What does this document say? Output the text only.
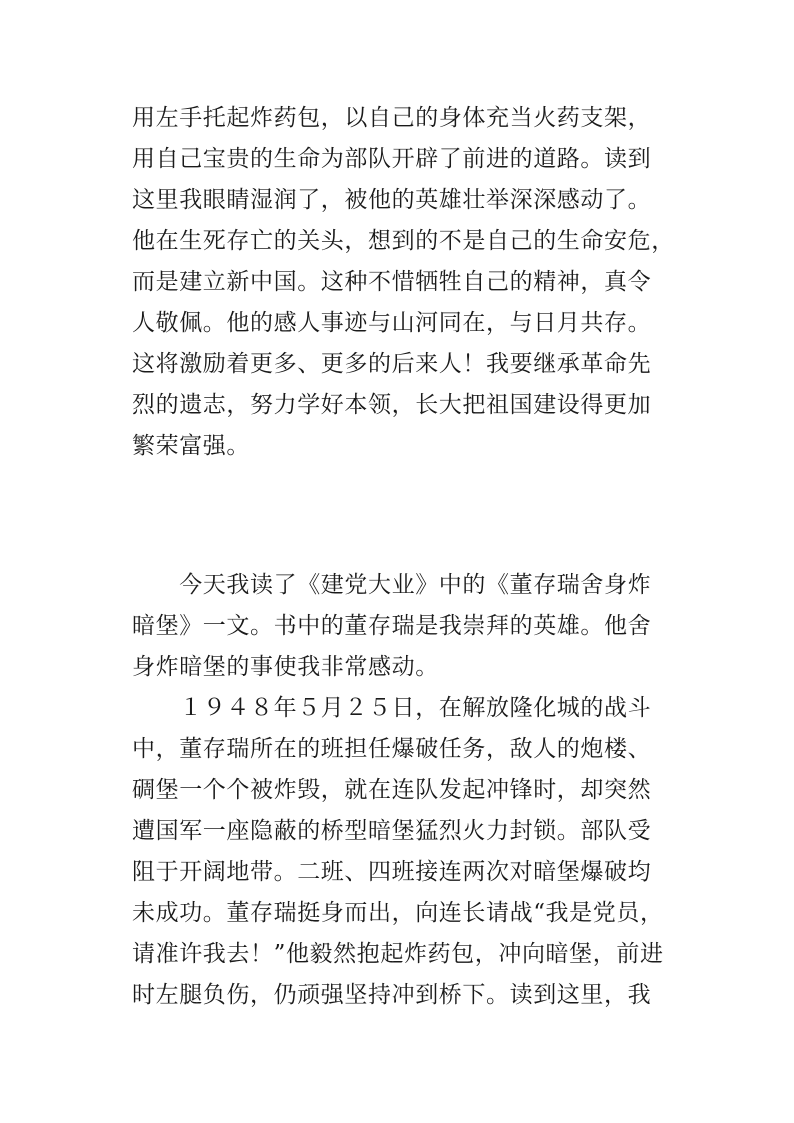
用左手托起炸药包，以自己的身体充当火药支架，
用自己宝贵的生命为部队开辟了前进的道路。读到
这里我眼睛湿润了，被他的英雄壮举深深感动了。
他在生死存亡的关头，想到的不是自己的生命安危，
而是建立新中国。这种不惜牺牲自己的精神，真令
人敬佩。他的感人事迹与山河同在，与日月共存。
这将激励着更多、更多的后来人！我要继承革命先
烈的遗志，努力学好本领，长大把祖国建设得更加
繁荣富强。
　　今天我读了《建党大业》中的《董存瑞舍身炸
暗堡》一文。书中的董存瑞是我崇拜的英雄。他舍
身炸暗堡的事使我非常感动。
　　１９４８年５月２５日，在解放隆化城的战斗
中，董存瑞所在的班担任爆破任务，敌人的炮楼、
碉堡一个个被炸毁，就在连队发起冲锋时，却突然
遭国军一座隐蔽的桥型暗堡猛烈火力封锁。部队受
阻于开阔地带。二班、四班接连两次对暗堡爆破均
未成功。董存瑞挺身而出，向连长请战“我是党员，
请准许我去！”他毅然抱起炸药包，冲向暗堡，前进
时左腿负伤，仍顽强坚持冲到桥下。读到这里，我
